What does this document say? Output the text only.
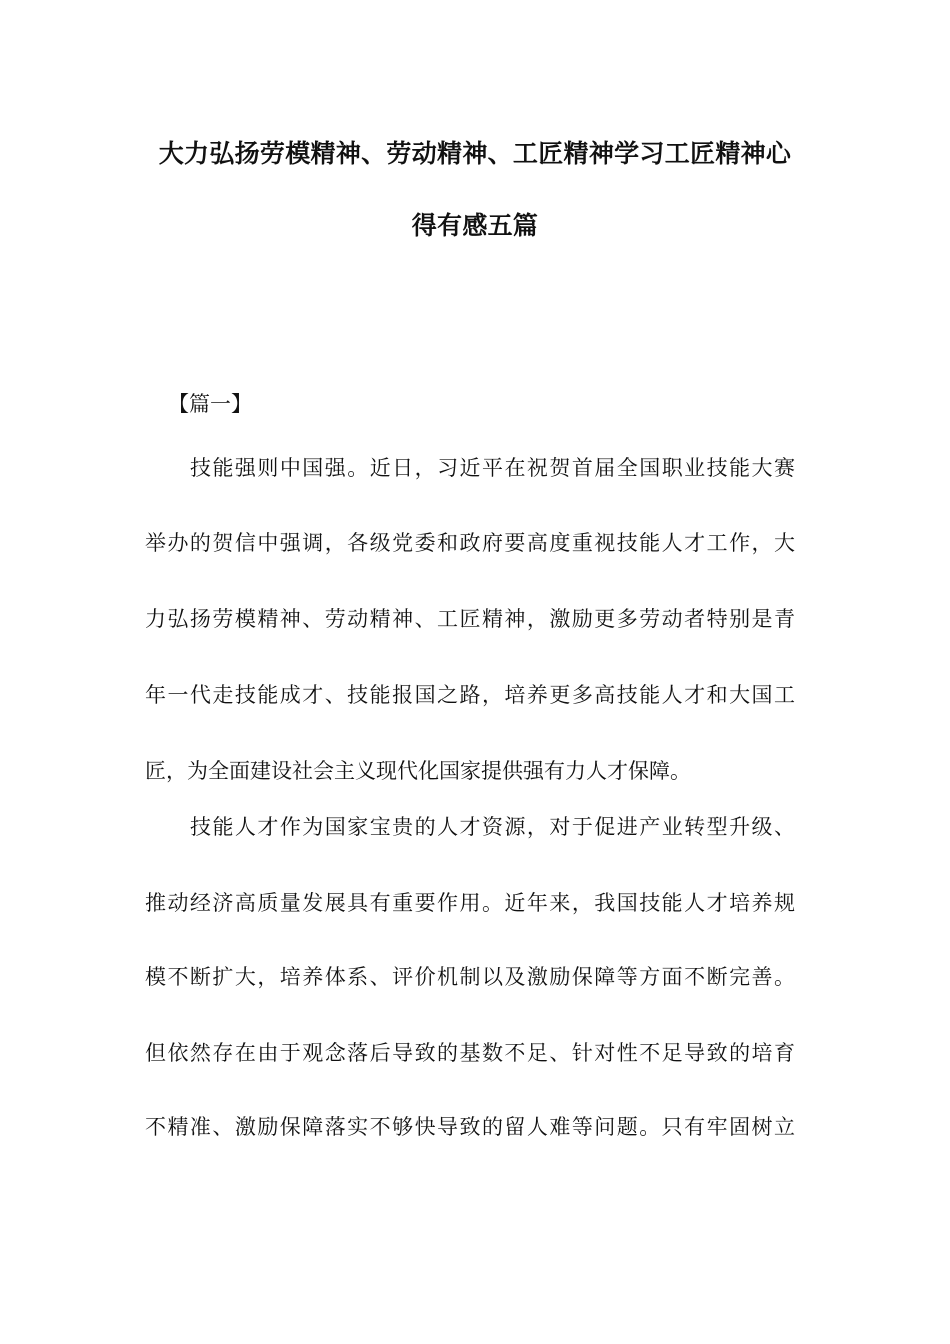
大力弘扬劳模精神、劳动精神、工匠精神学习工匠精神心
得有感五篇
【篇一】
技能强则中国强。近日，习近平在祝贺首届全国职业技能大赛
举办的贺信中强调，各级党委和政府要高度重视技能人才工作，大
力弘扬劳模精神、劳动精神、工匠精神，激励更多劳动者特别是青
年一代走技能成才、技能报国之路，培养更多高技能人才和大国工
匠，为全面建设社会主义现代化国家提供强有力人才保障。
技能人才作为国家宝贵的人才资源，对于促进产业转型升级、
推动经济高质量发展具有重要作用。近年来，我国技能人才培养规
模不断扩大，培养体系、评价机制以及激励保障等方面不断完善。
但依然存在由于观念落后导致的基数不足、针对性不足导致的培育
不精准、激励保障落实不够快导致的留人难等问题。只有牢固树立
